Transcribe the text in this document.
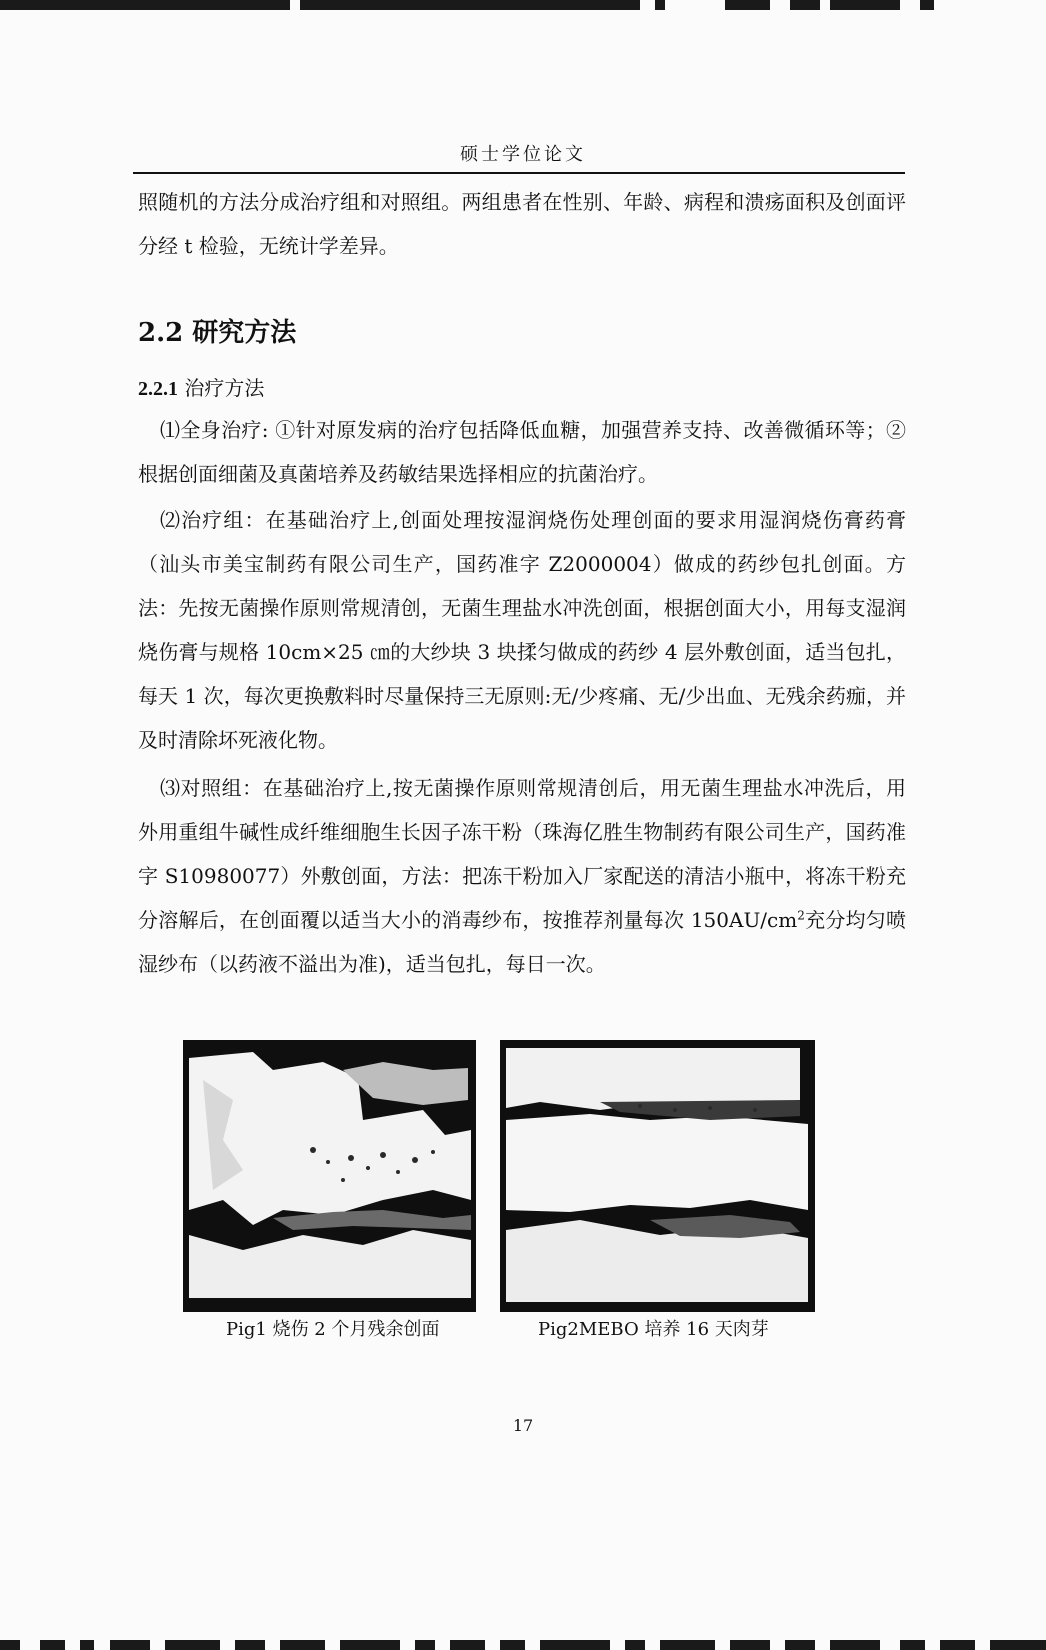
硕士学位论文
照随机的方法分成治疗组和对照组。两组患者在性别、年龄、病程和溃疡面积及创面评分经 t 检验，无统计学差异。
2.2 研究方法
2.2.1 治疗方法
⑴全身治疗: ①针对原发病的治疗包括降低血糖，加强营养支持、改善微循环等；②根据创面细菌及真菌培养及药敏结果选择相应的抗菌治疗。
⑵治疗组：在基础治疗上,创面处理按湿润烧伤处理创面的要求用湿润烧伤膏药膏（汕头市美宝制药有限公司生产，国药准字 Z2000004）做成的药纱包扎创面。方法：先按无菌操作原则常规清创，无菌生理盐水冲洗创面，根据创面大小，用每支湿润烧伤膏与规格 10cm×25 ㎝的大纱块 3 块揉匀做成的药纱 4 层外敷创面，适当包扎，每天 1 次，每次更换敷料时尽量保持三无原则:无/少疼痛、无/少出血、无残余药痂，并及时清除坏死液化物。
⑶对照组：在基础治疗上,按无菌操作原则常规清创后，用无菌生理盐水冲洗后，用外用重组牛碱性成纤维细胞生长因子冻干粉（珠海亿胜生物制药有限公司生产，国药准字 S10980077）外敷创面，方法：把冻干粉加入厂家配送的清洁小瓶中，将冻干粉充分溶解后，在创面覆以适当大小的消毒纱布，按推荐剂量每次 $150AU/cm^2$充分均匀喷湿纱布（以药液不溢出为准)，适当包扎，每日一次。
Pig1 烧伤 2 个月残余创面	Pig2MEBO 培养 16 天肉芽
17
